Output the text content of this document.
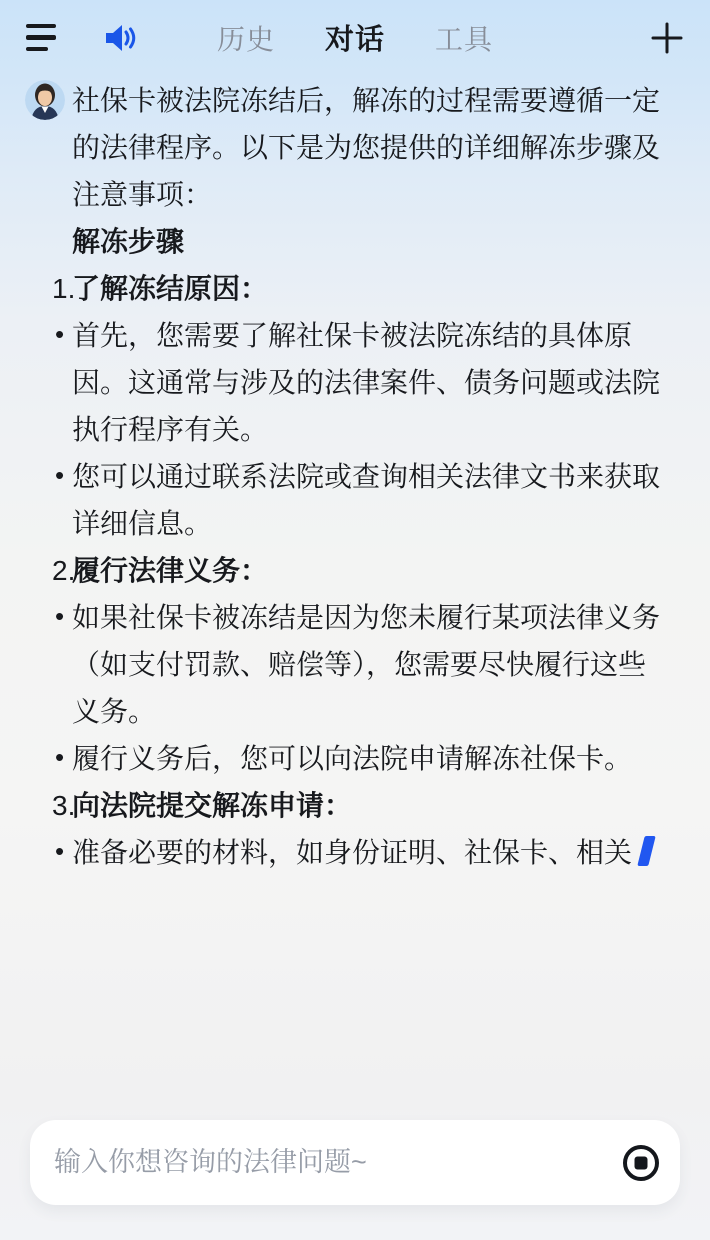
历史 对话 工具

社保卡被法院冻结后，解冻的过程需要遵循一定的法律程序。以下是为您提供的详细解冻步骤及注意事项：

解冻步骤

1.
了解冻结原因：

• 首先，您需要了解社保卡被法院冻结的具体原因。这通常与涉及的法律案件、债务问题或法院执行程序有关。

• 您可以通过联系法院或查询相关法律文书来获取详细信息。

2.
履行法律义务：

• 如果社保卡被冻结是因为您未履行某项法律义务（如支付罚款、赔偿等），您需要尽快履行这些义务。

• 履行义务后，您可以向法院申请解冻社保卡。

3.
向法院提交解冻申请：

• 准备必要的材料，如身份证明、社保卡、相关

输入你想咨询的法律问题~
